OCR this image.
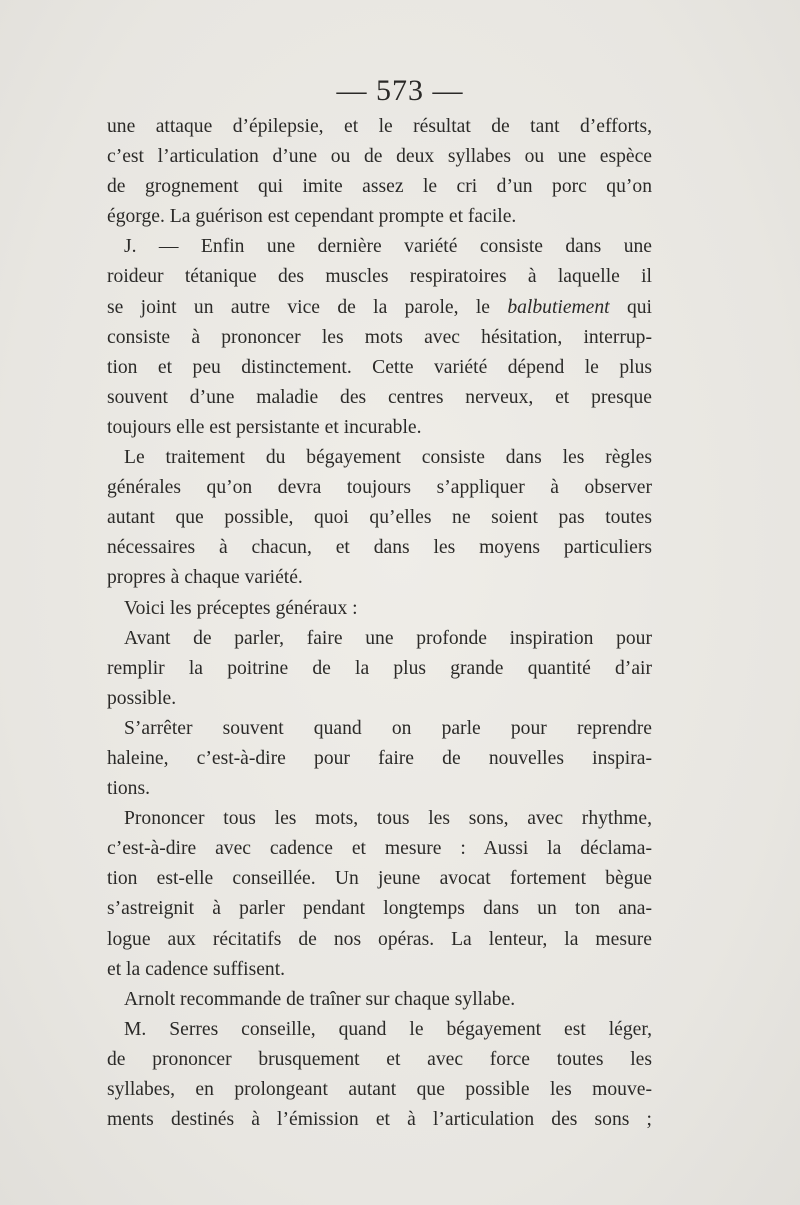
— 573 —
une attaque d’épilepsie, et le résultat de tant d’efforts,
c’est l’articulation d’une ou de deux syllabes ou une espèce
de grognement qui imite assez le cri d’un porc qu’on
égorge. La guérison est cependant prompte et facile.
J. — Enfin une dernière variété consiste dans une
roideur tétanique des muscles respiratoires à laquelle il
se joint un autre vice de la parole, le balbutiement qui
consiste à prononcer les mots avec hésitation, interrup-
tion et peu distinctement. Cette variété dépend le plus
souvent d’une maladie des centres nerveux, et presque
toujours elle est persistante et incurable.
Le traitement du bégayement consiste dans les règles
générales qu’on devra toujours s’appliquer à observer
autant que possible, quoi qu’elles ne soient pas toutes
nécessaires à chacun, et dans les moyens particuliers
propres à chaque variété.
Voici les préceptes généraux :
Avant de parler, faire une profonde inspiration pour
remplir la poitrine de la plus grande quantité d’air
possible.
S’arrêter souvent quand on parle pour reprendre
haleine, c’est-à-dire pour faire de nouvelles inspira-
tions.
Prononcer tous les mots, tous les sons, avec rhythme,
c’est-à-dire avec cadence et mesure : Aussi la déclama-
tion est-elle conseillée. Un jeune avocat fortement bègue
s’astreignit à parler pendant longtemps dans un ton ana-
logue aux récitatifs de nos opéras. La lenteur, la mesure
et la cadence suffisent.
Arnolt recommande de traîner sur chaque syllabe.
M. Serres conseille, quand le bégayement est léger,
de prononcer brusquement et avec force toutes les
syllabes, en prolongeant autant que possible les mouve-
ments destinés à l’émission et à l’articulation des sons ;
